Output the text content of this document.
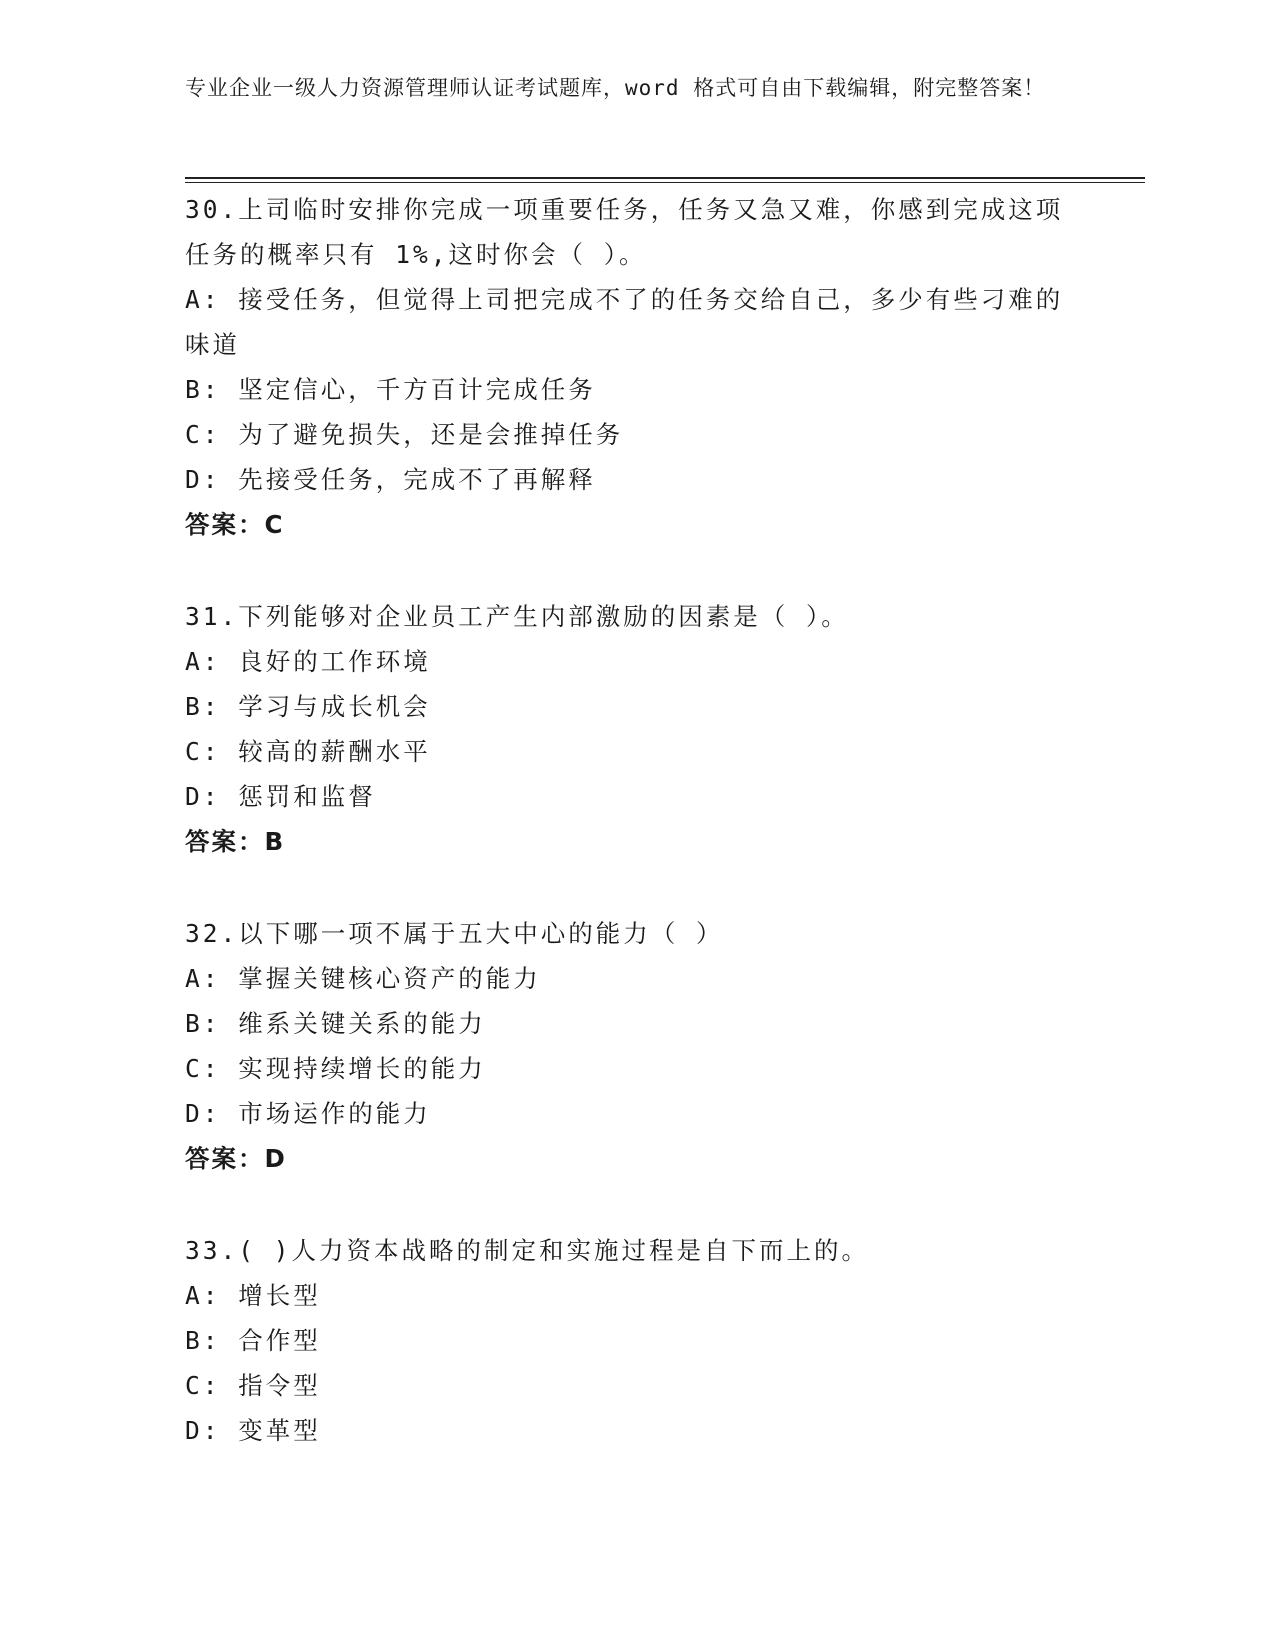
专业企业一级人力资源管理师认证考试题库，word 格式可自由下载编辑，附完整答案！
30.上司临时安排你完成一项重要任务，任务又急又难，你感到完成这项任务的概率只有 1%,这时你会（ ）。
A: 接受任务，但觉得上司把完成不了的任务交给自己，多少有些刁难的味道
B: 坚定信心，千方百计完成任务
C: 为了避免损失，还是会推掉任务
D: 先接受任务，完成不了再解释
答案：C
31.下列能够对企业员工产生内部激励的因素是（ ）。
A: 良好的工作环境
B: 学习与成长机会
C: 较高的薪酬水平
D: 惩罚和监督
答案：B
32.以下哪一项不属于五大中心的能力（ ）
A: 掌握关键核心资产的能力
B: 维系关键关系的能力
C: 实现持续增长的能力
D: 市场运作的能力
答案：D
33.( )人力资本战略的制定和实施过程是自下而上的。
A: 增长型
B: 合作型
C: 指令型
D: 变革型
